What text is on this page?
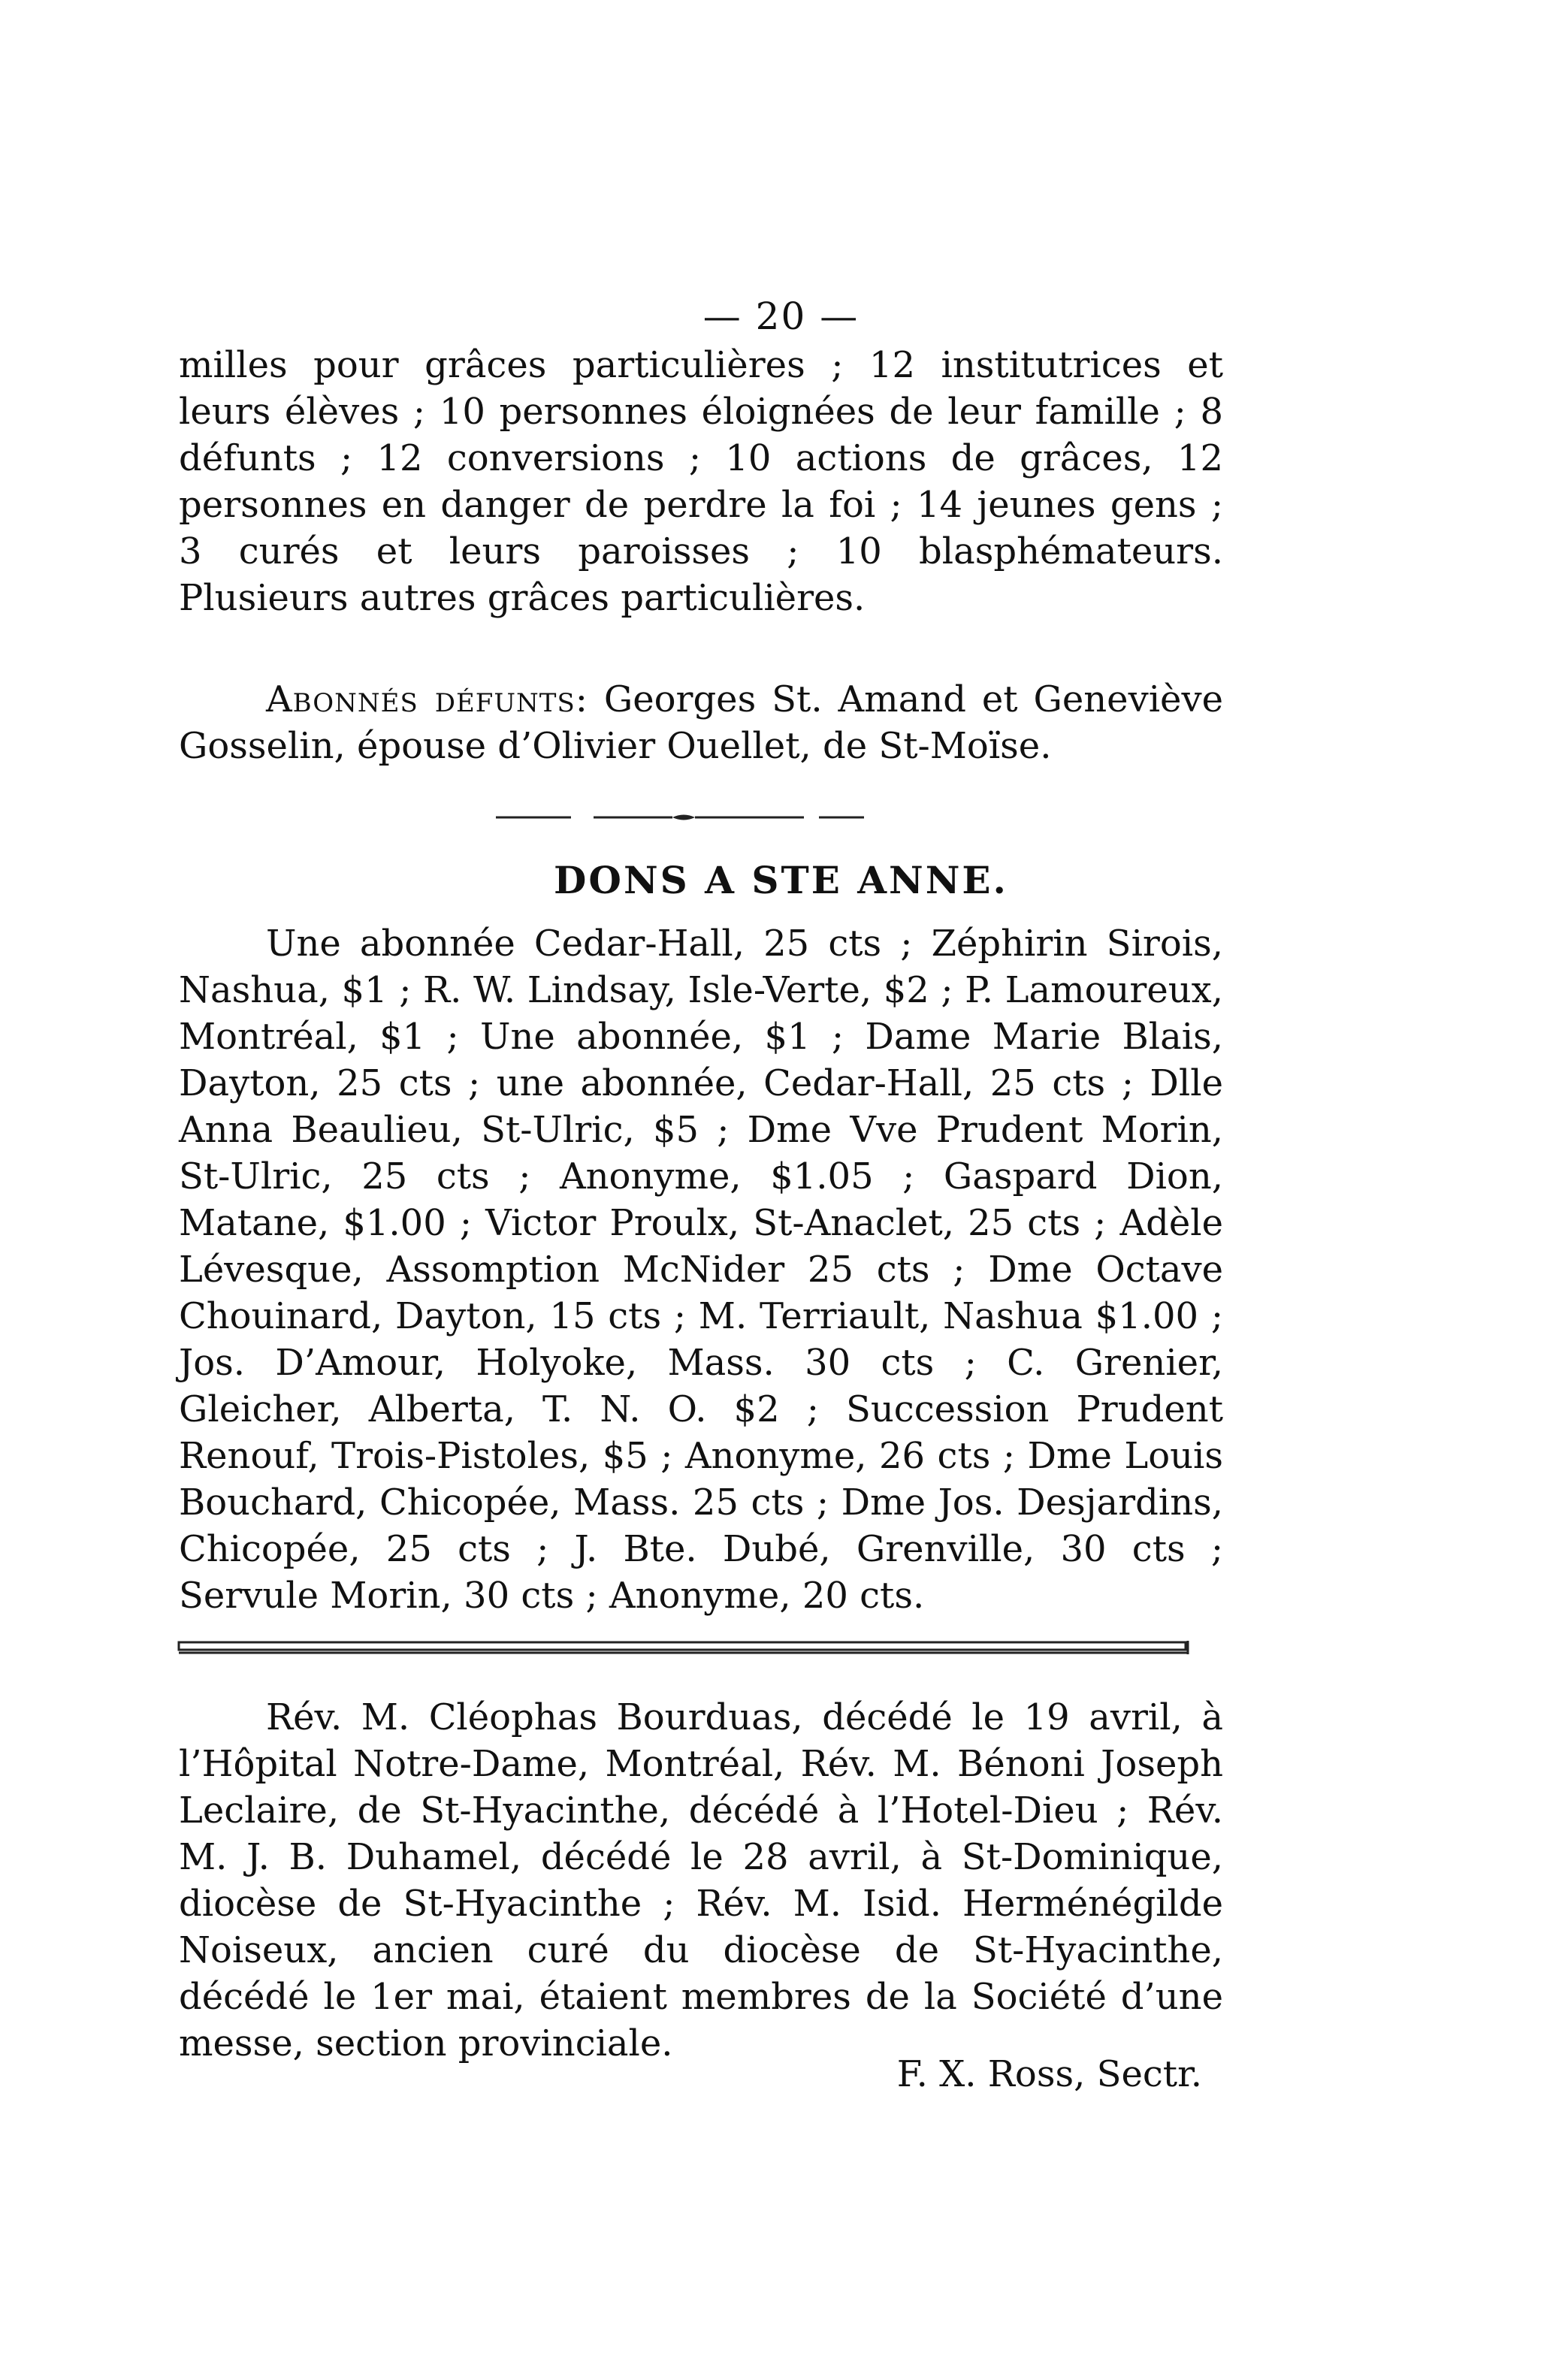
— 20 —
milles pour grâces particulières ; 12 institutrices et leurs élèves ; 10 personnes éloignées de leur famille ; 8 défunts ; 12 conversions ; 10 actions de grâces, 12 personnes en danger de perdre la foi ; 14 jeunes gens ; 3 curés et leurs paroisses ; 10 blasphémateurs. Plusieurs autres grâces particulières.
Abonnés défunts: Georges St. Amand et Geneviève Gosselin, épouse d’Olivier Ouellet, de St-Moïse.
DONS A STE ANNE.
Une abonnée Cedar-Hall, 25 cts ; Zéphirin Sirois, Nashua, $1 ; R. W. Lindsay, Isle-Verte, $2 ; P. Lamoureux, Montréal, $1 ; Une abonnée, $1 ; Dame Marie Blais, Dayton, 25 cts ; une abonnée, Cedar-Hall, 25 cts ; Dlle Anna Beaulieu, St-Ulric, $5 ; Dme Vve Prudent Morin, St-Ulric, 25 cts ; Anonyme, $1.05 ; Gaspard Dion, Matane, $1.00 ; Victor Proulx, St-Anaclet, 25 cts ; Adèle Lévesque, Assomption McNider 25 cts ; Dme Octave Chouinard, Dayton, 15 cts ; M. Terriault, Nashua $1.00 ; Jos. D’Amour, Holyoke, Mass. 30 cts ; C. Grenier, Gleicher, Alberta, T. N. O. $2 ; Succession Prudent Renouf, Trois-Pistoles, $5 ; Anonyme, 26 cts ; Dme Louis Bouchard, Chicopée, Mass. 25 cts ; Dme Jos. Desjardins, Chicopée, 25 cts ; J. Bte. Dubé, Grenville, 30 cts ; Servule Morin, 30 cts ; Anonyme, 20 cts.
Rév. M. Cléophas Bourduas, décédé le 19 avril, à l’Hôpital Notre-Dame, Montréal, Rév. M. Bénoni Joseph Leclaire, de St-Hyacinthe, décédé à l’Hotel-Dieu ; Rév. M. J. B. Duhamel, décédé le 28 avril, à St-Dominique, diocèse de St-Hyacinthe ; Rév. M. Isid. Herménégilde Noiseux, ancien curé du diocèse de St-Hyacinthe, décédé le 1er mai, étaient membres de la Société d’une messe, section provinciale.
F. X. Ross, Sectr.
